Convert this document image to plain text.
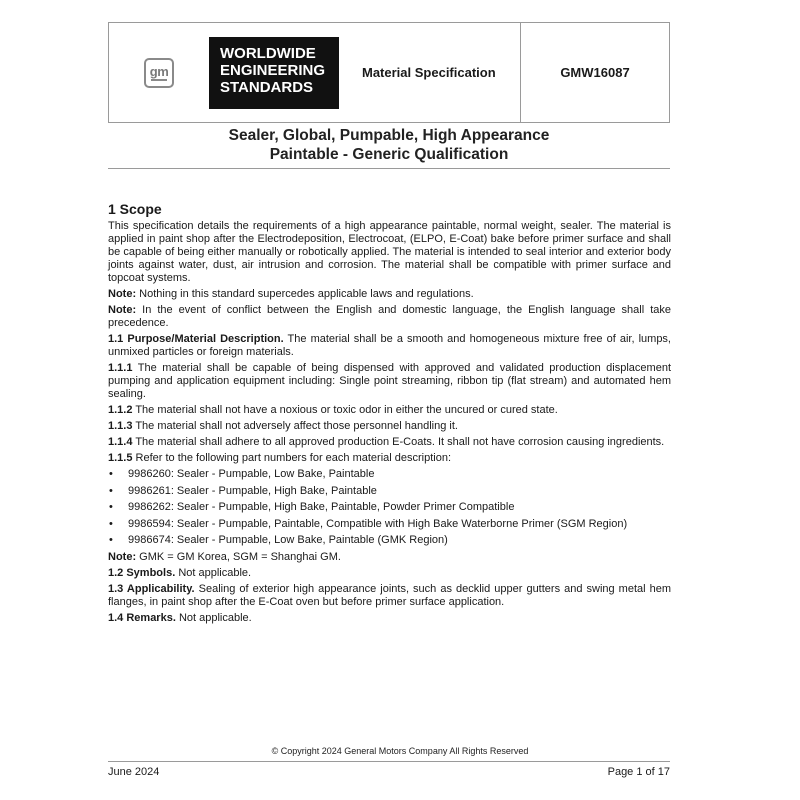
gm
WORLDWIDE
ENGINEERING
STANDARDS
Material Specification	GMW16087
Sealer, Global, Pumpable, High Appearance
Paintable - Generic Qualification
1 Scope
This specification details the requirements of a high appearance paintable, normal weight, sealer. The material is applied in paint shop after the Electrodeposition, Electrocoat, (ELPO, E-Coat) bake before primer surface and shall be capable of being either manually or robotically applied. The material is intended to seal interior and exterior body joints against water, dust, air intrusion and corrosion. The material shall be compatible with primer surface and topcoat systems.
Note: Nothing in this standard supercedes applicable laws and regulations.
Note: In the event of conflict between the English and domestic language, the English language shall take precedence.
1.1 Purpose/Material Description. The material shall be a smooth and homogeneous mixture free of air, lumps, unmixed particles or foreign materials.
1.1.1 The material shall be capable of being dispensed with approved and validated production displacement pumping and application equipment including: Single point streaming, ribbon tip (flat stream) and automated hem sealing.
1.1.2 The material shall not have a noxious or toxic odor in either the uncured or cured state.
1.1.3 The material shall not adversely affect those personnel handling it.
1.1.4 The material shall adhere to all approved production E-Coats. It shall not have corrosion causing ingredients.
1.1.5 Refer to the following part numbers for each material description:
• 9986260: Sealer - Pumpable, Low Bake, Paintable
• 9986261: Sealer - Pumpable, High Bake, Paintable
• 9986262: Sealer - Pumpable, High Bake, Paintable, Powder Primer Compatible
• 9986594: Sealer - Pumpable, Paintable, Compatible with High Bake Waterborne Primer (SGM Region)
• 9986674: Sealer - Pumpable, Low Bake, Paintable (GMK Region)
Note: GMK = GM Korea, SGM = Shanghai GM.
1.2 Symbols. Not applicable.
1.3 Applicability. Sealing of exterior high appearance joints, such as decklid upper gutters and swing metal hem flanges, in paint shop after the E-Coat oven but before primer surface application.
1.4 Remarks. Not applicable.
© Copyright 2024 General Motors Company All Rights Reserved
June 2024	Page 1 of 17
